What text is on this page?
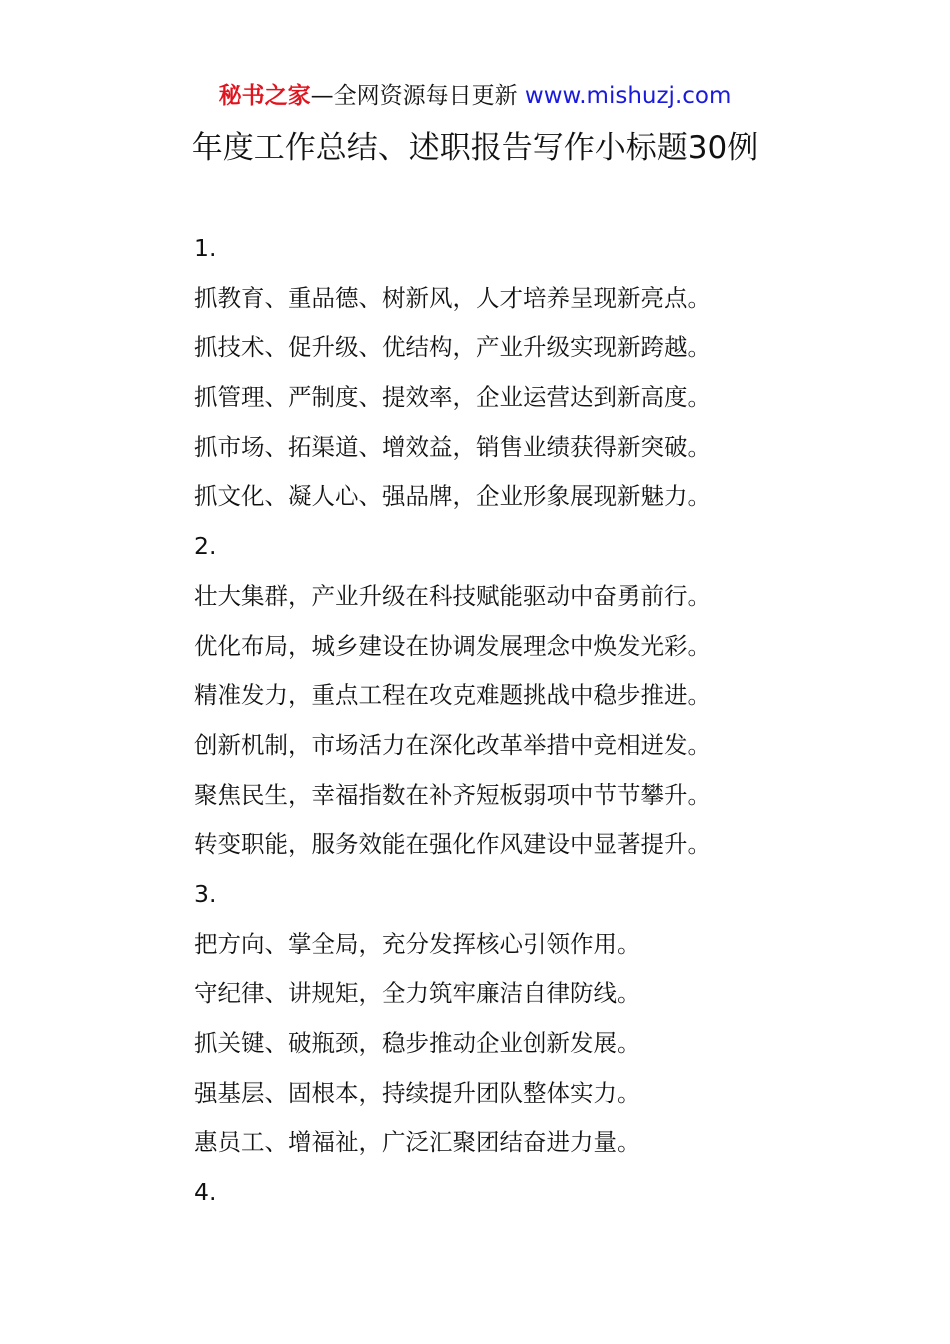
秘书之家—全网资源每日更新 www.mishuzj.com
年度工作总结、述职报告写作小标题30例
1.
抓教育、重品德、树新风，人才培养呈现新亮点。
抓技术、促升级、优结构，产业升级实现新跨越。
抓管理、严制度、提效率，企业运营达到新高度。
抓市场、拓渠道、增效益，销售业绩获得新突破。
抓文化、凝人心、强品牌，企业形象展现新魅力。
2.
壮大集群，产业升级在科技赋能驱动中奋勇前行。
优化布局，城乡建设在协调发展理念中焕发光彩。
精准发力，重点工程在攻克难题挑战中稳步推进。
创新机制，市场活力在深化改革举措中竞相迸发。
聚焦民生，幸福指数在补齐短板弱项中节节攀升。
转变职能，服务效能在强化作风建设中显著提升。
3.
把方向、掌全局，充分发挥核心引领作用。
守纪律、讲规矩，全力筑牢廉洁自律防线。
抓关键、破瓶颈，稳步推动企业创新发展。
强基层、固根本，持续提升团队整体实力。
惠员工、增福祉，广泛汇聚团结奋进力量。
4.
